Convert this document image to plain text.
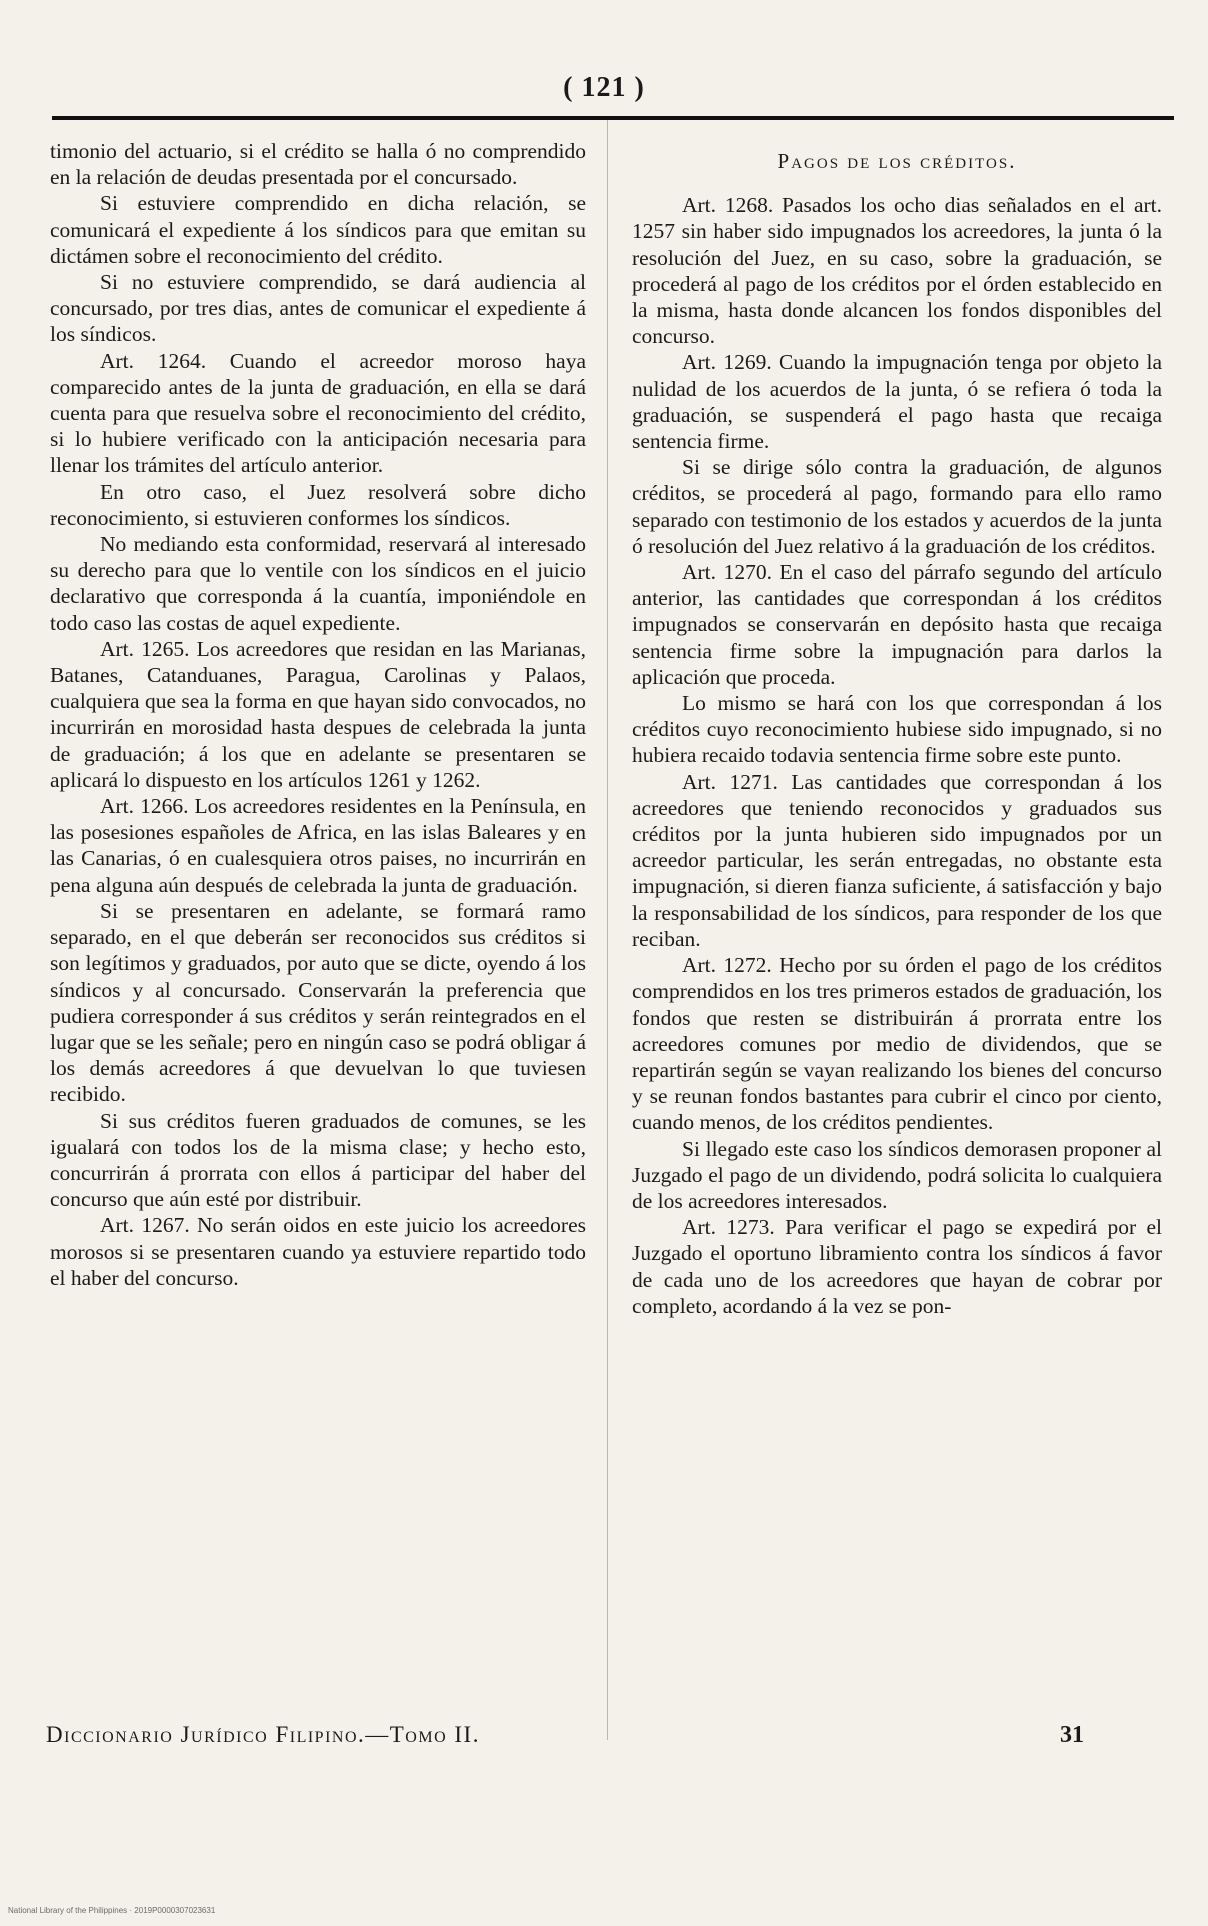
( 121 )

timonio del actuario, si el crédito se halla ó no comprendido en la relación de deudas presentada por el concursado.

Si estuviere comprendido en dicha relación, se comunicará el expediente á los síndicos para que emitan su dictámen sobre el reconocimiento del crédito.

Si no estuviere comprendido, se dará audiencia al concursado, por tres dias, antes de comunicar el expediente á los síndicos.

Art. 1264. Cuando el acreedor moroso haya comparecido antes de la junta de graduación, en ella se dará cuenta para que resuelva sobre el reconocimiento del crédito, si lo hubiere verificado con la anticipación necesaria para llenar los trámites del artículo anterior.

En otro caso, el Juez resolverá sobre dicho reconocimiento, si estuvieren conformes los síndicos.

No mediando esta conformidad, reservará al interesado su derecho para que lo ventile con los síndicos en el juicio declarativo que corresponda á la cuantía, imponiéndole en todo caso las costas de aquel expediente.

Art. 1265. Los acreedores que residan en las Marianas, Batanes, Catanduanes, Paragua, Carolinas y Palaos, cualquiera que sea la forma en que hayan sido convocados, no incurrirán en morosidad hasta despues de celebrada la junta de graduación; á los que en adelante se presentaren se aplicará lo dispuesto en los artículos 1261 y 1262.

Art. 1266. Los acreedores residentes en la Península, en las posesiones españoles de Africa, en las islas Baleares y en las Canarias, ó en cualesquiera otros paises, no incurrirán en pena alguna aún después de celebrada la junta de graduación.

Si se presentaren en adelante, se formará ramo separado, en el que deberán ser reconocidos sus créditos si son legítimos y graduados, por auto que se dicte, oyendo á los síndicos y al concursado. Conservarán la preferencia que pudiera corresponder á sus créditos y serán reintegrados en el lugar que se les señale; pero en ningún caso se podrá obligar á los demás acreedores á que devuelvan lo que tuviesen recibido.

Si sus créditos fueren graduados de comunes, se les igualará con todos los de la misma clase; y hecho esto, concurrirán á prorrata con ellos á participar del haber del concurso que aún esté por distribuir.

Art. 1267. No serán oidos en este juicio los acreedores morosos si se presentaren cuando ya estuviere repartido todo el haber del concurso.

Pagos de los créditos.

Art. 1268. Pasados los ocho dias señalados en el art. 1257 sin haber sido impugnados los acreedores, la junta ó la resolución del Juez, en su caso, sobre la graduación, se procederá al pago de los créditos por el órden establecido en la misma, hasta donde alcancen los fondos disponibles del concurso.

Art. 1269. Cuando la impugnación tenga por objeto la nulidad de los acuerdos de la junta, ó se refiera ó toda la graduación, se suspenderá el pago hasta que recaiga sentencia firme.

Si se dirige sólo contra la graduación, de algunos créditos, se procederá al pago, formando para ello ramo separado con testimonio de los estados y acuerdos de la junta ó resolución del Juez relativo á la graduación de los créditos.

Art. 1270. En el caso del párrafo segundo del artículo anterior, las cantidades que correspondan á los créditos impugnados se conservarán en depósito hasta que recaiga sentencia firme sobre la impugnación para darlos la aplicación que proceda.

Lo mismo se hará con los que correspondan á los créditos cuyo reconocimiento hubiese sido impugnado, si no hubiera recaido todavia sentencia firme sobre este punto.

Art. 1271. Las cantidades que correspondan á los acreedores que teniendo reconocidos y graduados sus créditos por la junta hubieren sido impugnados por un acreedor particular, les serán entregadas, no obstante esta impugnación, si dieren fianza suficiente, á satisfacción y bajo la responsabilidad de los síndicos, para responder de los que reciban.

Art. 1272. Hecho por su órden el pago de los créditos comprendidos en los tres primeros estados de graduación, los fondos que resten se distribuirán á prorrata entre los acreedores comunes por medio de dividendos, que se repartirán según se vayan realizando los bienes del concurso y se reunan fondos bastantes para cubrir el cinco por ciento, cuando menos, de los créditos pendientes.

Si llegado este caso los síndicos demorasen proponer al Juzgado el pago de un dividendo, podrá solicita lo cualquiera de los acreedores interesados.

Art. 1273. Para verificar el pago se expedirá por el Juzgado el oportuno libramiento contra los síndicos á favor de cada uno de los acreedores que hayan de cobrar por completo, acordando á la vez se pon-

Diccionario Jurídico Filipino.—Tomo II.	31
National Library of the Philippines · 2019P0000307023631
